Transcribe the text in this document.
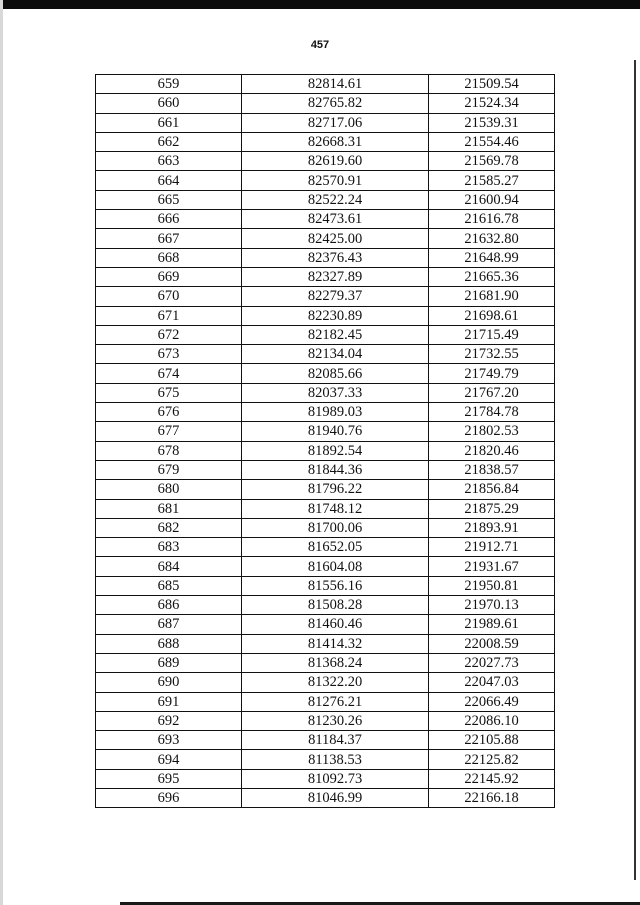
457
659	82814.61	21509.54
660	82765.82	21524.34
661	82717.06	21539.31
662	82668.31	21554.46
663	82619.60	21569.78
664	82570.91	21585.27
665	82522.24	21600.94
666	82473.61	21616.78
667	82425.00	21632.80
668	82376.43	21648.99
669	82327.89	21665.36
670	82279.37	21681.90
671	82230.89	21698.61
672	82182.45	21715.49
673	82134.04	21732.55
674	82085.66	21749.79
675	82037.33	21767.20
676	81989.03	21784.78
677	81940.76	21802.53
678	81892.54	21820.46
679	81844.36	21838.57
680	81796.22	21856.84
681	81748.12	21875.29
682	81700.06	21893.91
683	81652.05	21912.71
684	81604.08	21931.67
685	81556.16	21950.81
686	81508.28	21970.13
687	81460.46	21989.61
688	81414.32	22008.59
689	81368.24	22027.73
690	81322.20	22047.03
691	81276.21	22066.49
692	81230.26	22086.10
693	81184.37	22105.88
694	81138.53	22125.82
695	81092.73	22145.92
696	81046.99	22166.18
